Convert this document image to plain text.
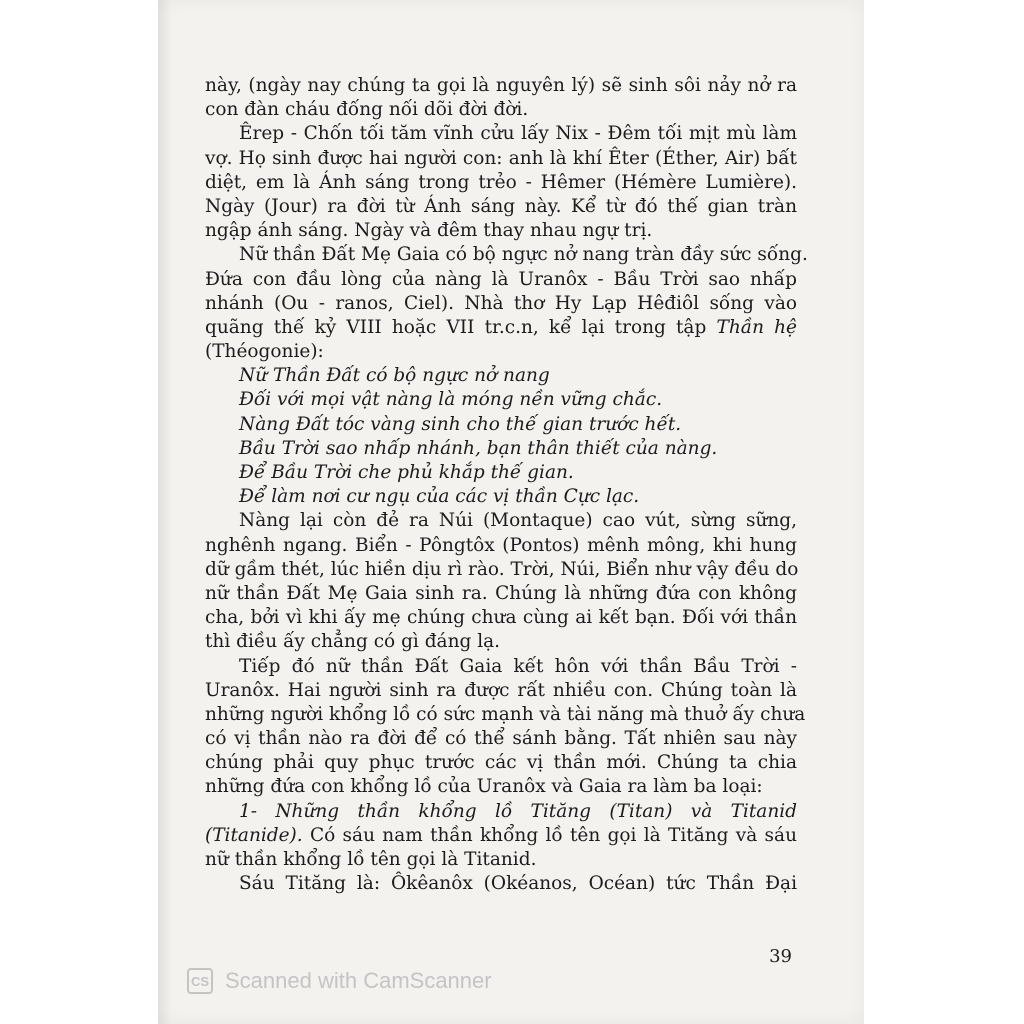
này, (ngày nay chúng ta gọi là nguyên lý) sẽ sinh sôi nảy nở ra
con đàn cháu đống nối dõi đời đời.
Êrep - Chốn tối tăm vĩnh cửu lấy Nix - Đêm tối mịt mù làm
vợ. Họ sinh được hai người con: anh là khí Êter (Éther, Air) bất
diệt, em là Ánh sáng trong trẻo - Hêmer (Hémère Lumière).
Ngày (Jour) ra đời từ Ánh sáng này. Kể từ đó thế gian tràn
ngập ánh sáng. Ngày và đêm thay nhau ngự trị.
Nữ thần Đất Mẹ Gaia có bộ ngực nở nang tràn đầy sức sống.
Đứa con đầu lòng của nàng là Uranôx - Bầu Trời sao nhấp
nhánh (Ou - ranos, Ciel). Nhà thơ Hy Lạp Hêđiôl sống vào
quãng thế kỷ VIII hoặc VII tr.c.n, kể lại trong tập Thần hệ
(Théogonie):
Nữ Thần Đất có bộ ngực nở nang
Đối với mọi vật nàng là móng nền vững chắc.
Nàng Đất tóc vàng sinh cho thế gian trước hết.
Bầu Trời sao nhấp nhánh, bạn thân thiết của nàng.
Để Bầu Trời che phủ khắp thế gian.
Để làm nơi cư ngụ của các vị thần Cực lạc.
Nàng lại còn đẻ ra Núi (Montaque) cao vút, sừng sững,
nghênh ngang. Biển - Pôngtôx (Pontos) mênh mông, khi hung
dữ gầm thét, lúc hiền dịu rì rào. Trời, Núi, Biển như vậy đều do
nữ thần Đất Mẹ Gaia sinh ra. Chúng là những đứa con không
cha, bởi vì khi ấy mẹ chúng chưa cùng ai kết bạn. Đối với thần
thì điều ấy chẳng có gì đáng lạ.
Tiếp đó nữ thần Đất Gaia kết hôn với thần Bầu Trời -
Uranôx. Hai người sinh ra được rất nhiều con. Chúng toàn là
những người khổng lồ có sức mạnh và tài năng mà thuở ấy chưa
có vị thần nào ra đời để có thể sánh bằng. Tất nhiên sau này
chúng phải quy phục trước các vị thần mới. Chúng ta chia
những đứa con khổng lồ của Uranôx và Gaia ra làm ba loại:
1- Những thần khổng lồ Tităng (Titan) và Titanid
(Titanide). Có sáu nam thần khổng lồ tên gọi là Tităng và sáu
nữ thần khổng lồ tên gọi là Titanid.
Sáu Tităng là: Ôkêanôx (Okéanos, Océan) tức Thần Đại
39
CS Scanned with CamScanner
